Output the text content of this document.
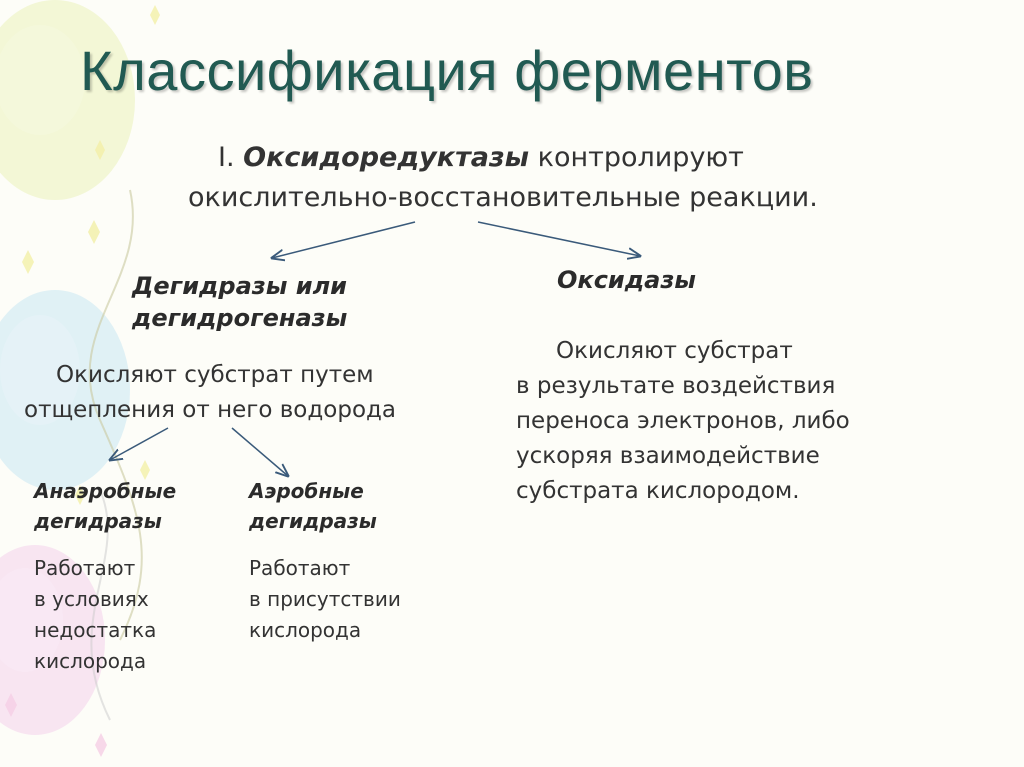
Классификация ферментов
I. Оксидоредуктазы контролируют
окислительно-восстановительные реакции.
Дегидразы или
дегидрогеназы
Окисляют субстрат путем
отщепления от него водорода
Оксидазы
Окисляют субстрат
в результате воздействия
переноса электронов, либо
ускоряя взаимодействие
субстрата кислородом.
Анаэробные
дегидразы
Работают
в условиях
недостатка
кислорода
Аэробные
дегидразы
Работают
в присутствии
кислорода
